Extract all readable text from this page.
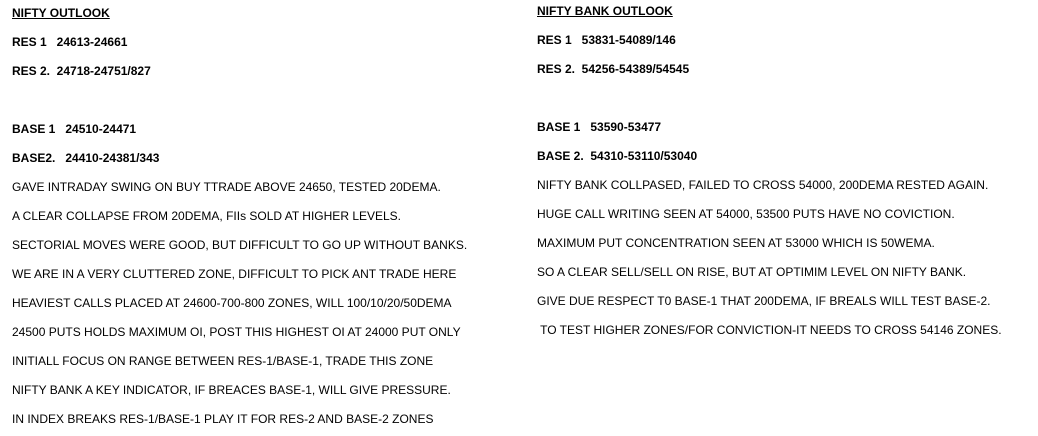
NIFTY OUTLOOK
RES 1   24613-24661
RES 2.  24718-24751/827
BASE 1   24510-24471
BASE2.   24410-24381/343
GAVE INTRADAY SWING ON BUY TTRADE ABOVE 24650, TESTED 20DEMA.
A CLEAR COLLAPSE FROM 20DEMA, FIIs SOLD AT HIGHER LEVELS.
SECTORIAL MOVES WERE GOOD, BUT DIFFICULT TO GO UP WITHOUT BANKS.
WE ARE IN A VERY CLUTTERED ZONE, DIFFICULT TO PICK ANT TRADE HERE
HEAVIEST CALLS PLACED AT 24600-700-800 ZONES, WILL 100/10/20/50DEMA
24500 PUTS HOLDS MAXIMUM OI, POST THIS HIGHEST OI AT 24000 PUT ONLY
INITIALL FOCUS ON RANGE BETWEEN RES-1/BASE-1, TRADE THIS ZONE
NIFTY BANK A KEY INDICATOR, IF BREACES BASE-1, WILL GIVE PRESSURE.
IN INDEX BREAKS RES-1/BASE-1 PLAY IT FOR RES-2 AND BASE-2 ZONES
NIFTY BANK OUTLOOK
RES 1   53831-54089/146
RES 2.  54256-54389/54545
BASE 1   53590-53477
BASE 2.  54310-53110/53040
NIFTY BANK COLLPASED, FAILED TO CROSS 54000, 200DEMA RESTED AGAIN.
HUGE CALL WRITING SEEN AT 54000, 53500 PUTS HAVE NO COVICTION.
MAXIMUM PUT CONCENTRATION SEEN AT 53000 WHICH IS 50WEMA.
SO A CLEAR SELL/SELL ON RISE, BUT AT OPTIMIM LEVEL ON NIFTY BANK.
GIVE DUE RESPECT T0 BASE-1 THAT 200DEMA, IF BREALS WILL TEST BASE-2.
TO TEST HIGHER ZONES/FOR CONVICTION-IT NEEDS TO CROSS 54146 ZONES.
